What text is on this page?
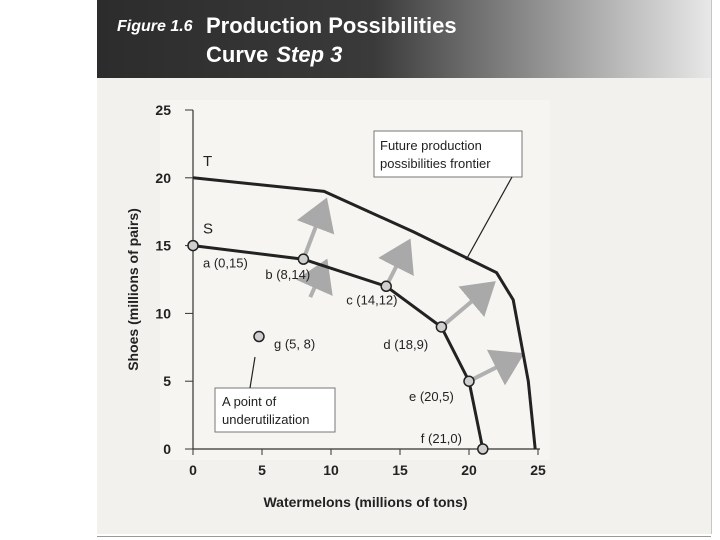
Figure 1.6 Production Possibilities
Curve Step 3
0
5
10
15
20
25
0	5	10	15	20	25
Watermelons (millions of tons)
Shoes (millions of pairs)	S
T
a (0,15)
b (8,14)
c (14,12)
d (18,9)
e (20,5)
f (21,0)
g (5, 8)
Future production
possibilities frontier
A point of
underutilization
